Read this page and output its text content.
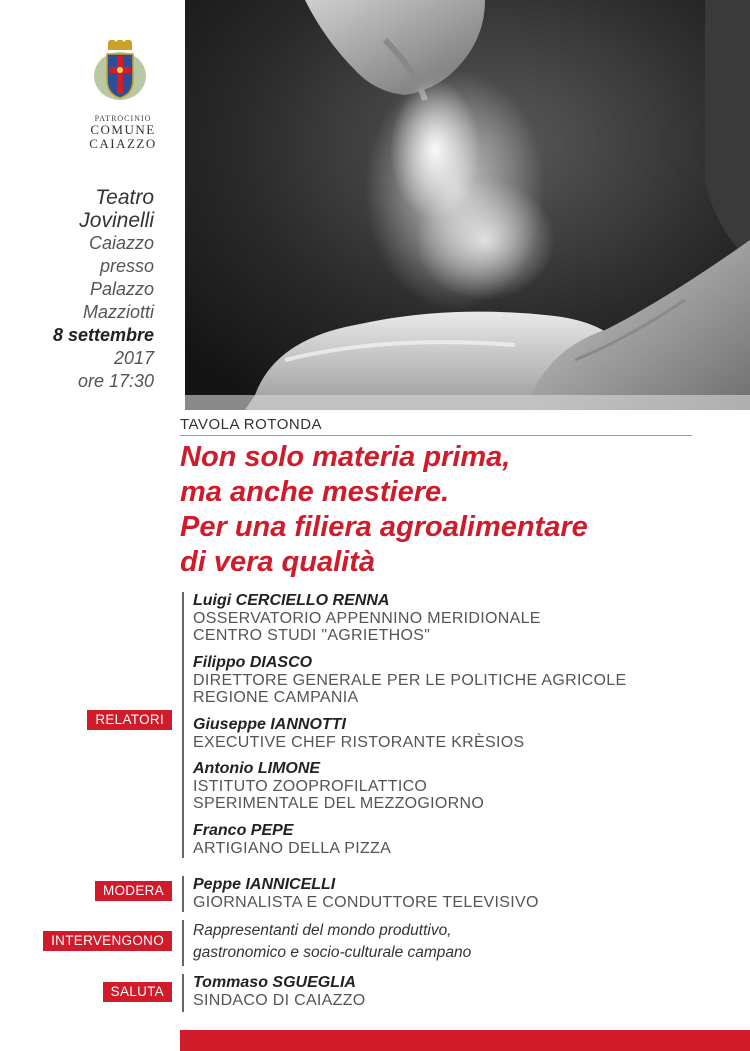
PATROCINIO
COMUNE
CAIAZZO
Teatro
Jovinelli
Caiazzo
presso
Palazzo
Mazziotti
8 settembre
2017
ore 17:30
TAVOLA ROTONDA
Non solo materia prima,
ma anche mestiere.
Per una filiera agroalimentare
di vera qualità
RELATORI
Luigi CERCIELLO RENNA
OSSERVATORIO APPENNINO MERIDIONALE
CENTRO STUDI "AGRIETHOS"
Filippo DIASCO
DIRETTORE GENERALE PER LE POLITICHE AGRICOLE
REGIONE CAMPANIA
Giuseppe IANNOTTI
EXECUTIVE CHEF RISTORANTE KRÈSIOS
Antonio LIMONE
ISTITUTO ZOOPROFILATTICO
SPERIMENTALE DEL MEZZOGIORNO
Franco PEPE
ARTIGIANO DELLA PIZZA
MODERA	Peppe IANNICELLI
GIORNALISTA E CONDUTTORE TELEVISIVO
INTERVENGONO
Rappresentanti del mondo produttivo,
gastronomico e socio-culturale campano
SALUTA
Tommaso SGUEGLIA
SINDACO DI CAIAZZO
